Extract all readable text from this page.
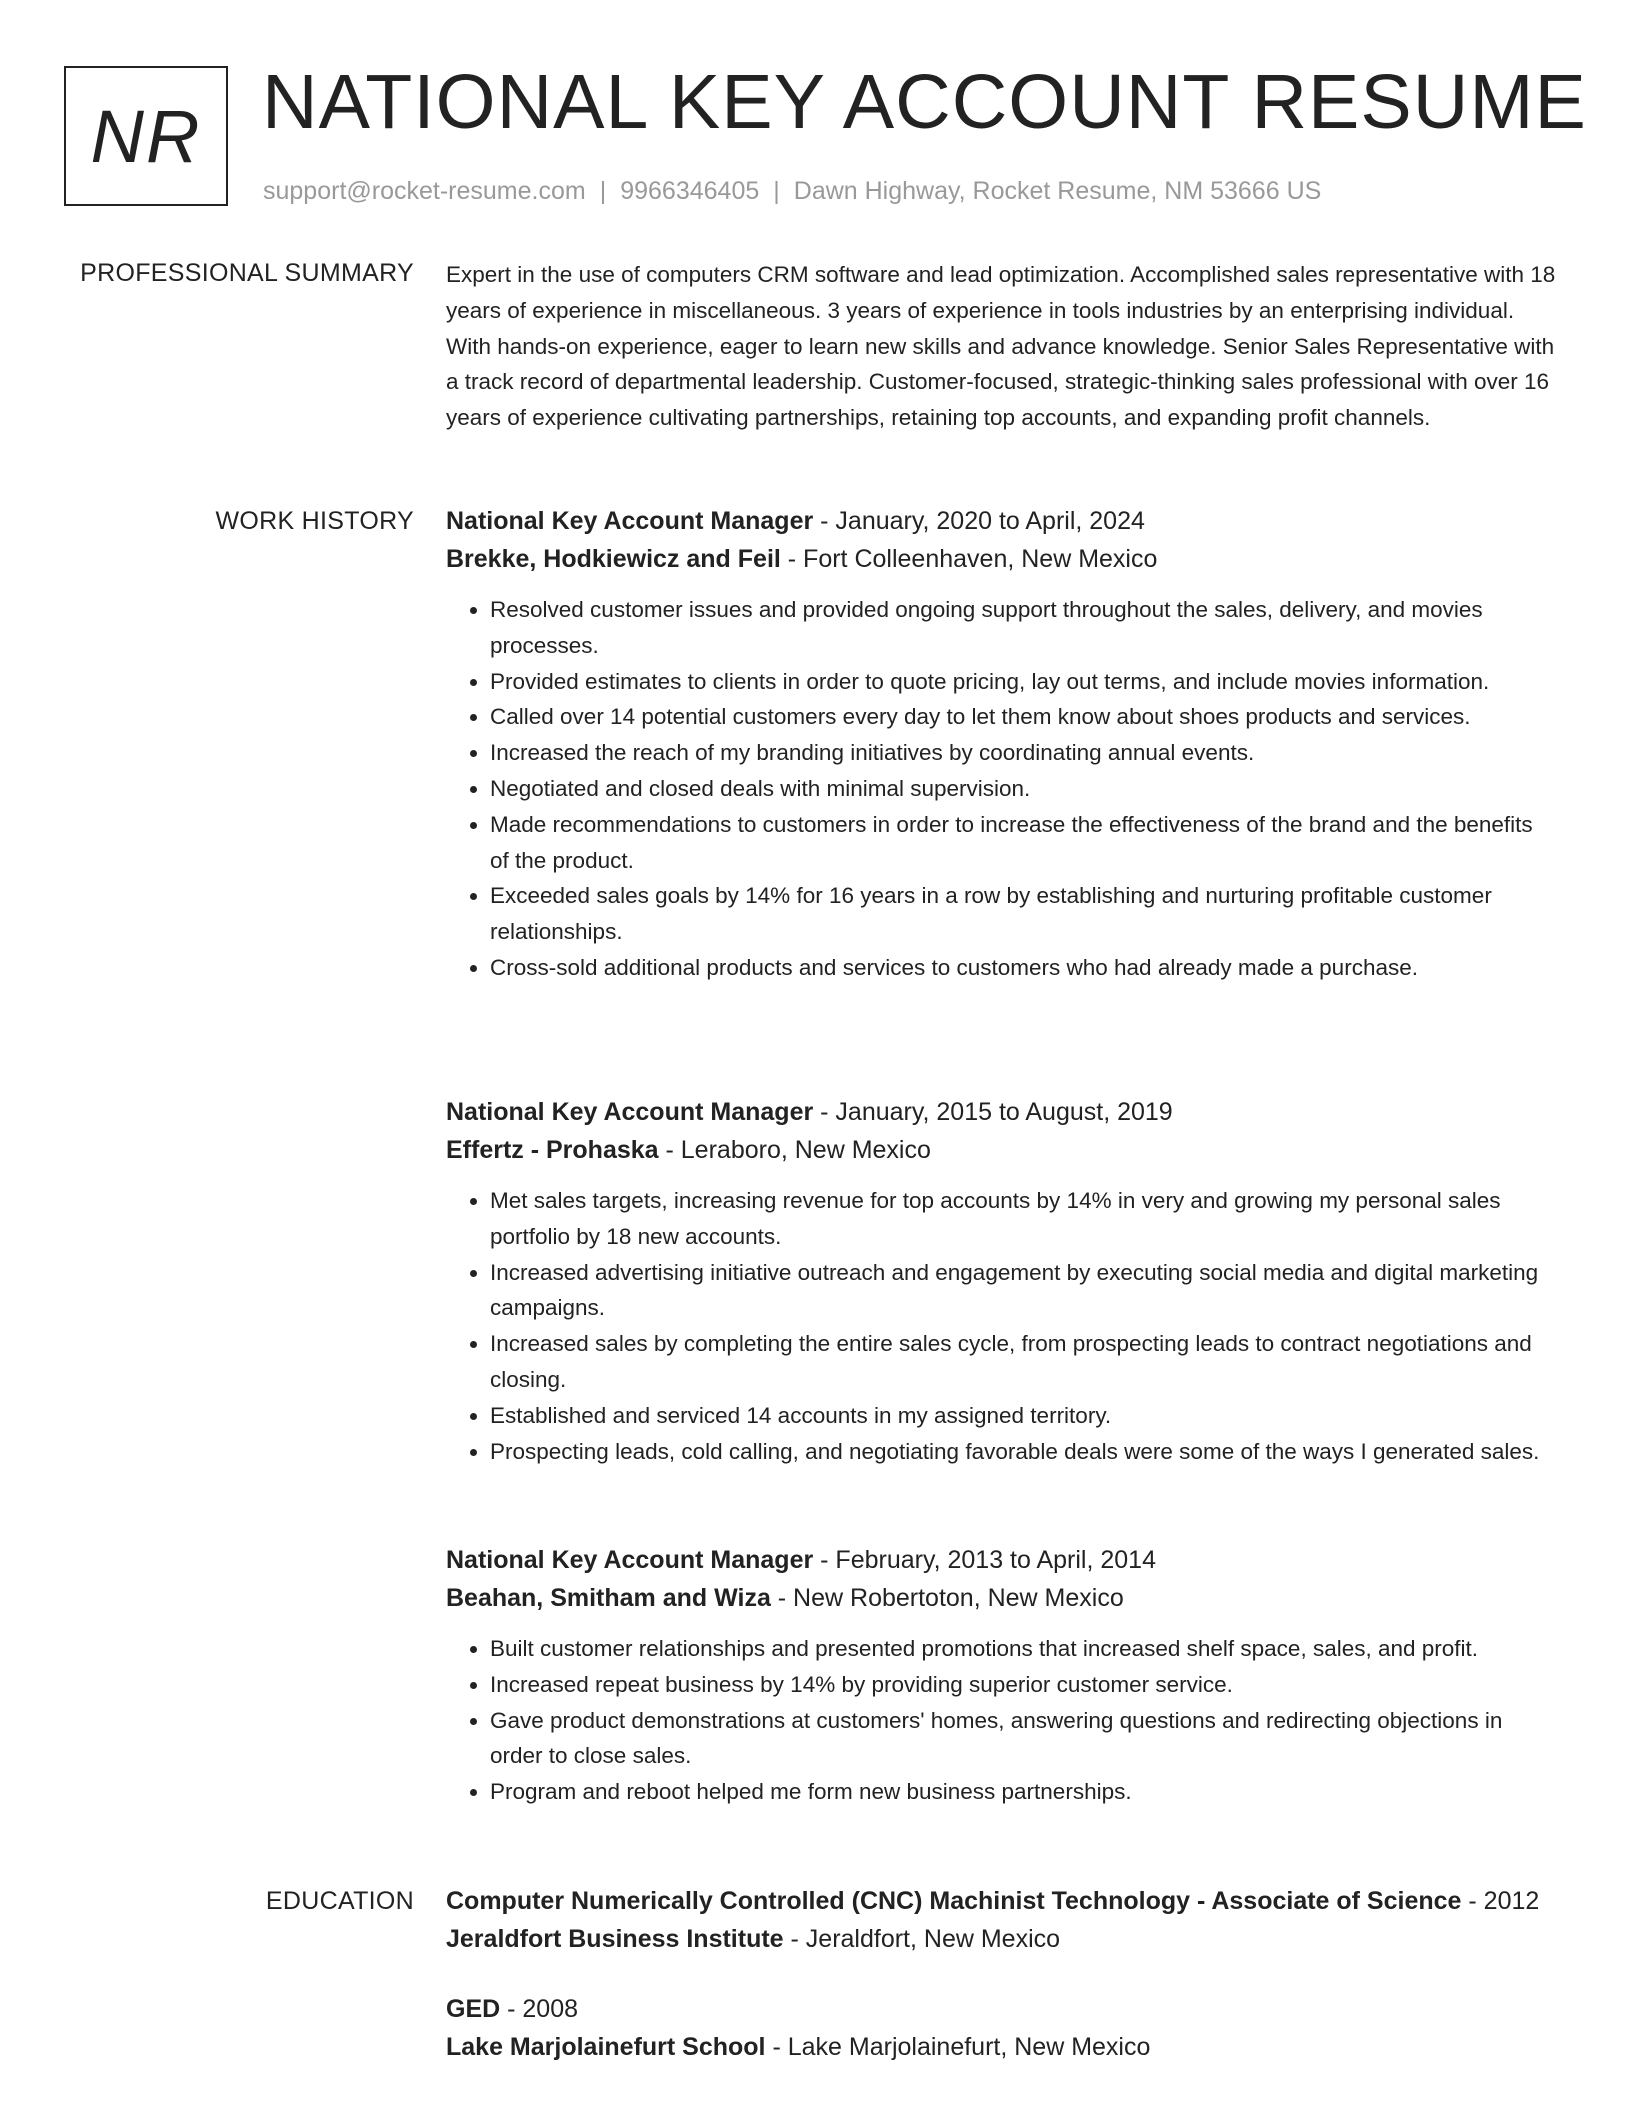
NR NATIONAL KEY ACCOUNT RESUME
support@rocket-resume.com | 9966346405 | Dawn Highway, Rocket Resume, NM 53666 US
PROFESSIONAL SUMMARY Expert in the use of computers CRM software and lead optimization. Accomplished sales representative with 18 years of experience in miscellaneous. 3 years of experience in tools industries by an enterprising individual. With hands-on experience, eager to learn new skills and advance knowledge. Senior Sales Representative with a track record of departmental leadership. Customer-focused, strategic-thinking sales professional with over 16 years of experience cultivating partnerships, retaining top accounts, and expanding profit channels.

WORK HISTORY National Key Account Manager - January, 2020 to April, 2024
Brekke, Hodkiewicz and Feil - Fort Colleenhaven, New Mexico
• Resolved customer issues and provided ongoing support throughout the sales, delivery, and movies processes.
• Provided estimates to clients in order to quote pricing, lay out terms, and include movies information.
• Called over 14 potential customers every day to let them know about shoes products and services.
• Increased the reach of my branding initiatives by coordinating annual events.
• Negotiated and closed deals with minimal supervision.
• Made recommendations to customers in order to increase the effectiveness of the brand and the benefits of the product.
• Exceeded sales goals by 14% for 16 years in a row by establishing and nurturing profitable customer relationships.
• Cross-sold additional products and services to customers who had already made a purchase.
National Key Account Manager - January, 2015 to August, 2019
Effertz - Prohaska - Leraboro, New Mexico
• Met sales targets, increasing revenue for top accounts by 14% in very and growing my personal sales portfolio by 18 new accounts.
• Increased advertising initiative outreach and engagement by executing social media and digital marketing campaigns.
• Increased sales by completing the entire sales cycle, from prospecting leads to contract negotiations and closing.
• Established and serviced 14 accounts in my assigned territory.
• Prospecting leads, cold calling, and negotiating favorable deals were some of the ways I generated sales.
National Key Account Manager - February, 2013 to April, 2014
Beahan, Smitham and Wiza - New Robertoton, New Mexico
• Built customer relationships and presented promotions that increased shelf space, sales, and profit.
• Increased repeat business by 14% by providing superior customer service.
• Gave product demonstrations at customers' homes, answering questions and redirecting objections in order to close sales.
• Program and reboot helped me form new business partnerships.
EDUCATION Computer Numerically Controlled (CNC) Machinist Technology - Associate of Science - 2012
Jeraldfort Business Institute - Jeraldfort, New Mexico
GED - 2008
Lake Marjolainefurt School - Lake Marjolainefurt, New Mexico
